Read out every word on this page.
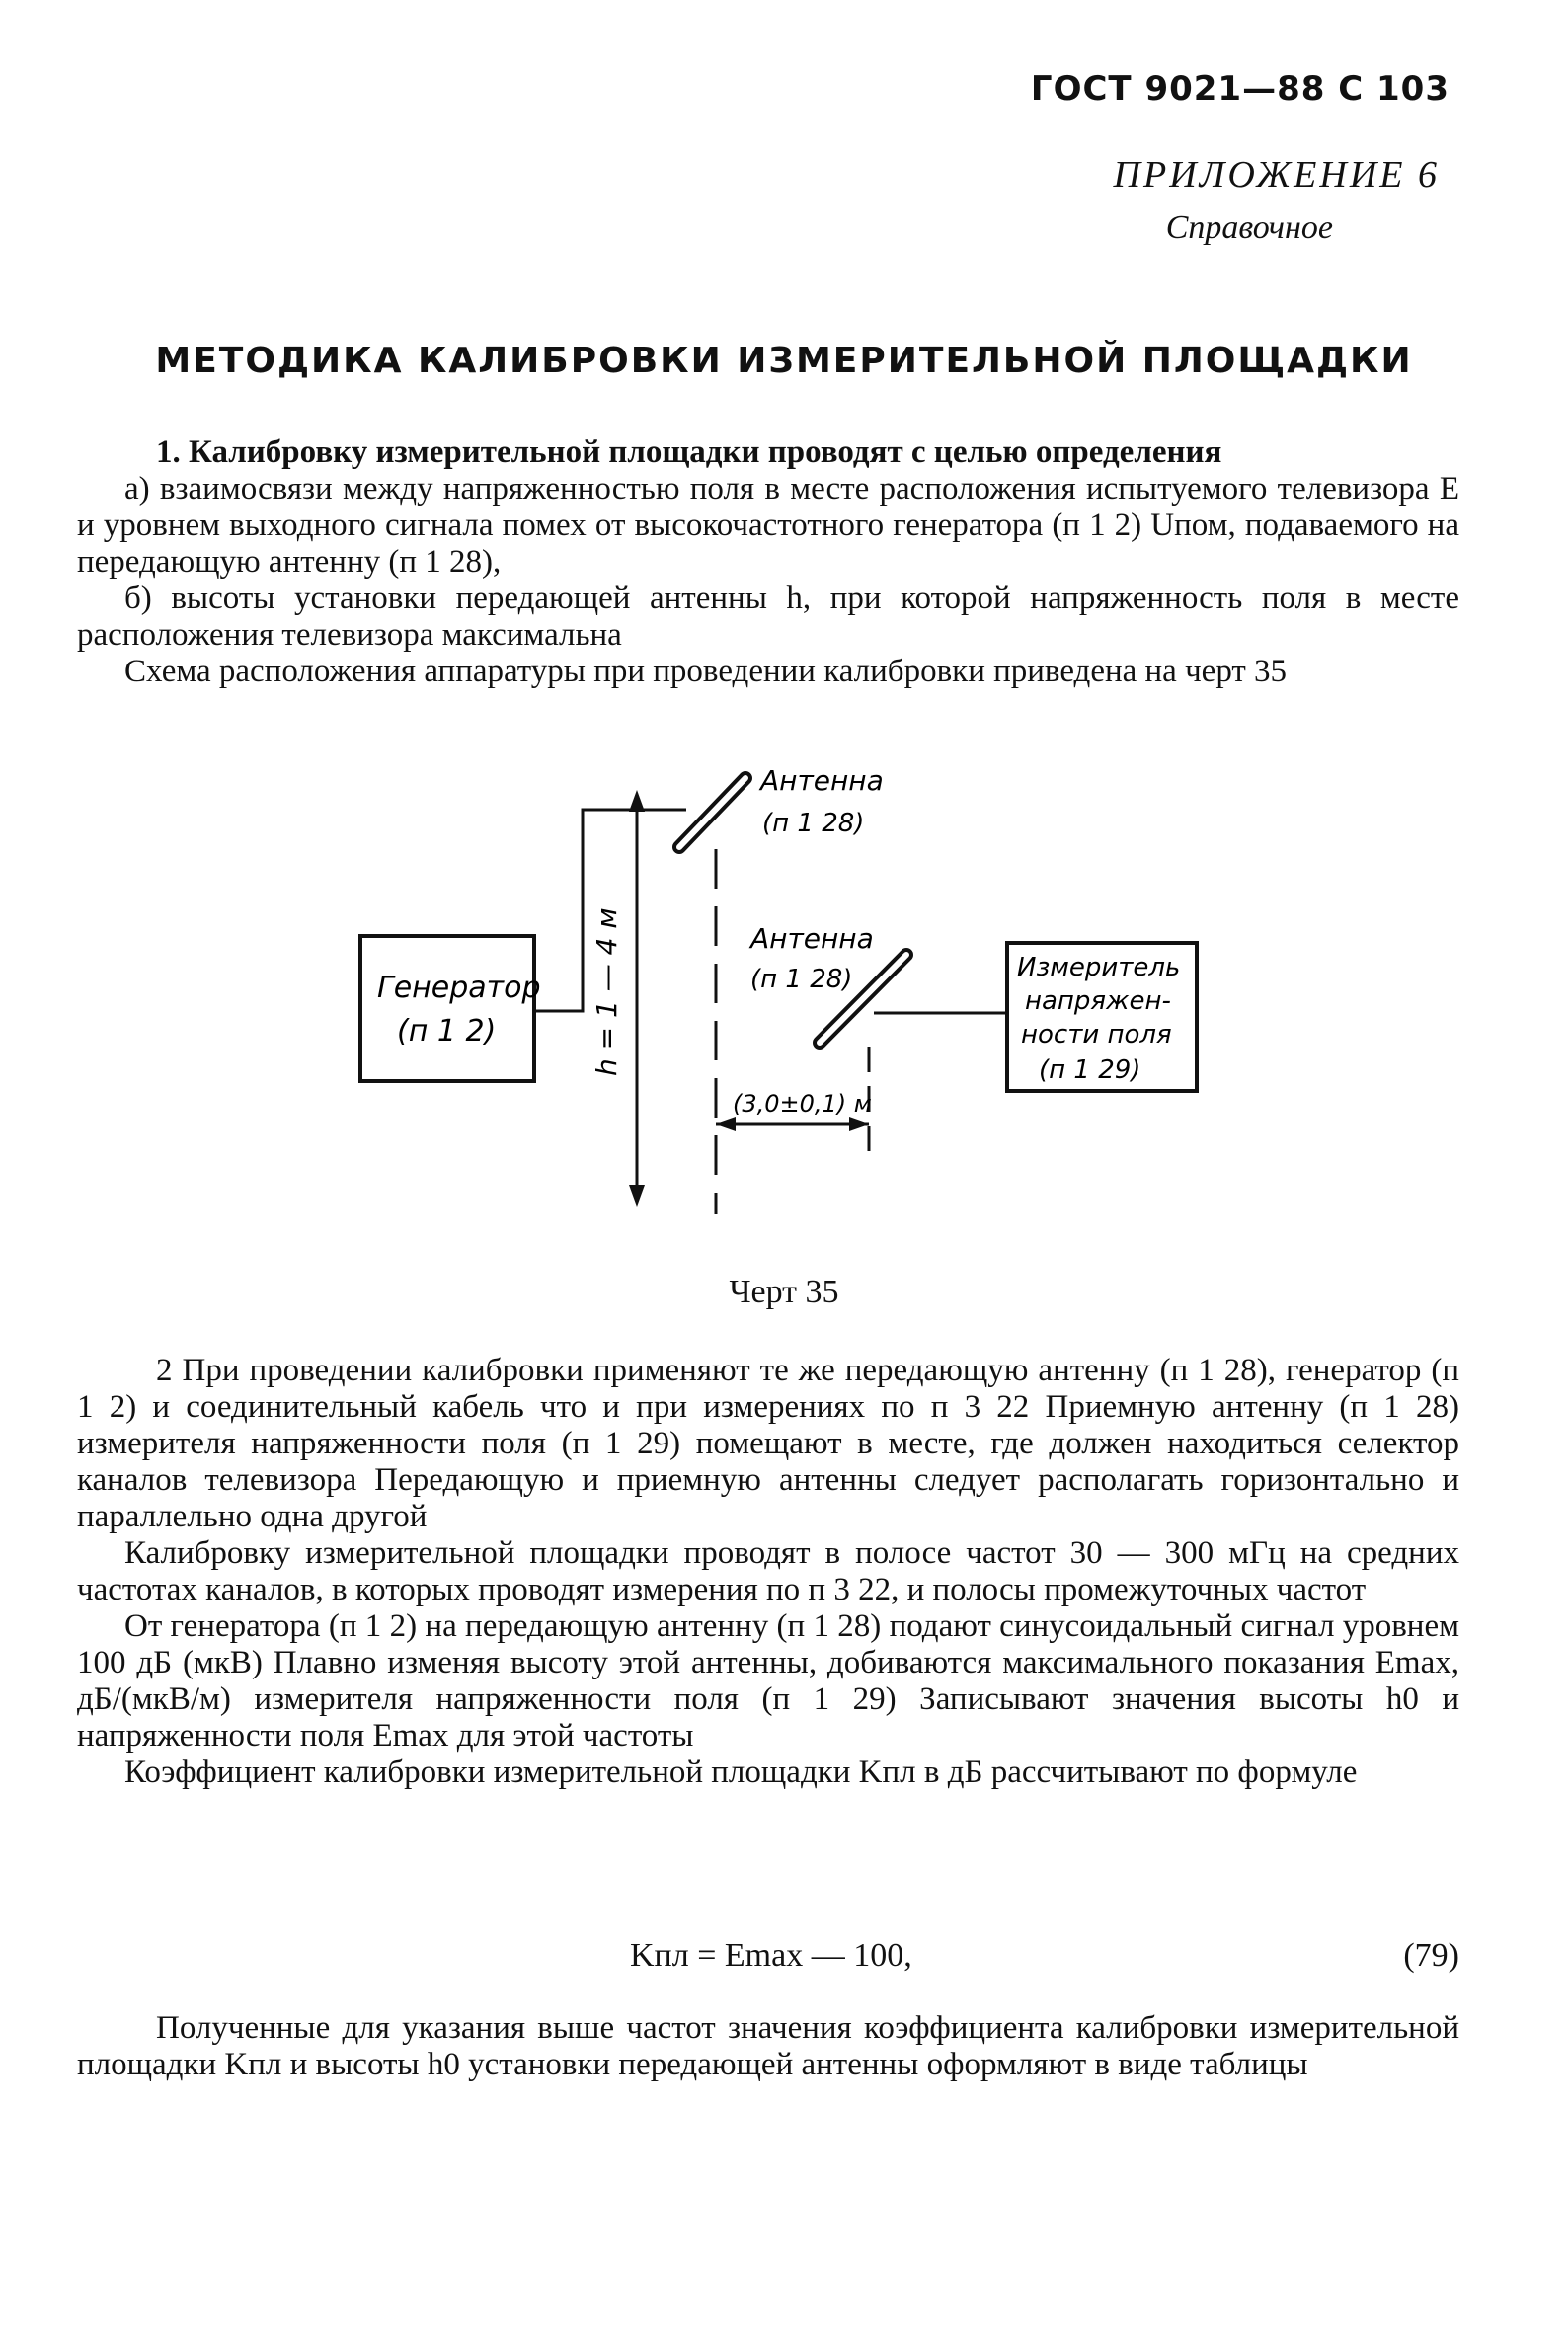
ГОСТ 9021—88 С 103
ПРИЛОЖЕНИЕ 6
Справочное
МЕТОДИКА КАЛИБРОВКИ ИЗМЕРИТЕЛЬНОЙ ПЛОЩАДКИ

1. Калибровку измерительной площадки проводят с целью определения

а) взаимосвязи между напряженностью поля в месте расположения испытуемого телевизора E и уровнем выходного сигнала помех от высокочастотного генератора (п 1 2) Uпом, подаваемого на передающую антенну (п 1 28),

б) высоты установки передающей антенны h, при которой напряженность поля в месте расположения телевизора максимальна

Схема расположения аппаратуры при проведении калибровки приведена на черт 35

Генератор
(п 1 2)	h = 1 — 4 м
Антенна
(п 1 28)
Антенна
(п 1 28)
(3,0±0,1) м
Измеритель
напряжен-
ности поля
(п 1 29)
Черт 35

2 При проведении калибровки применяют те же передающую антенну (п 1 28), генератор (п 1 2) и соединительный кабель что и при измерениях по п 3 22 Приемную антенну (п 1 28) измерителя напряженности поля (п 1 29) помещают в месте, где должен находиться селектор каналов телевизора Передающую и приемную антенны следует располагать горизонтально и параллельно одна другой

Калибровку измерительной площадки проводят в полосе частот 30 — 300 мГц на средних частотах каналов, в которых проводят измерения по п 3 22, и полосы промежуточных частот

От генератора (п 1 2) на передающую антенну (п 1 28) подают синусоидальный сигнал уровнем 100 дБ (мкВ) Плавно изменяя высоту этой антенны, добиваются максимального показания Emax, дБ/(мкВ/м) измерителя напряженности поля (п 1 29) Записывают значения высоты h0 и напряженности поля Emax для этой частоты

Коэффициент калибровки измерительной площадки Kпл в дБ рассчитывают по формуле

Kпл = Emax — 100,	(79)

Полученные для указания выше частот значения коэффициента калибровки измерительной площадки Kпл и высоты h0 установки передающей антенны оформляют в виде таблицы
